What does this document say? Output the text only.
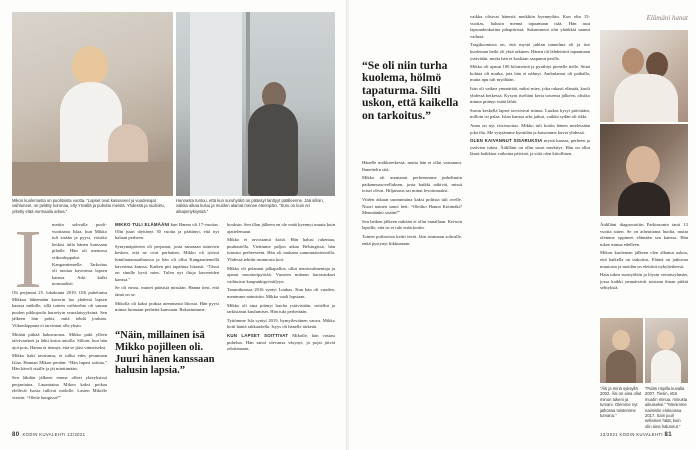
Mikon kuolemasta on puolitoista vuotta. “Lapset ovat kasvaneet ja vuodenajat vaihtuneet, on pelätty koronaa, elty Ysvällä ja puhuttu meistä. Yhdessä ja rauhoitu, yritetty elää normaalia arkea.”
Hannasta tuntuu, että kun suruhyökö on päässyt lanttyyt päälleenne. Jää silloin, vaikka aikaa kuluu ja muiden alamat menee eteenpäin. “Suru on kuin eri aikaperiyksyssä.”
I	mettin sohvalla puoli-vuotiaana Islaa, kun Mikko tuli sisään ja pyysi, voisiko hetkisi tulla hänen kanssaan pihalle. Hän oli menossa viikonloppuksi Kangasniemelle. Tarkoitus oli noutaa kaverinsa lapsen kanssa. Arki kulki normaalisti.

Oli perjantai 25. lokakuuta 2019. Olli puhelunsa Mikkoa lähtemään kaverin luo yhdessä lapsen kanssa mökille, sillä toinen vaihtoehto oli saman puolen pikkujoulu haraviyin seuralaisyyksinä. Sen jälkeen hän pohti, mitä tehdä jouluna. Viikonloppuna ei tarvinnut olla yksin.

Mitään pitkää hakuvuorua. Mikko puki ylleen talvivaatteet ja lähti kotoa autolla. Silloin, kun hän ajoi pois, Hanna ei tiennyt, että se jäisi viimeiseksi.

Mikko haki tavaransa, ei tullut edes pesumaan Islaa. Hannan Mikon perään: “Hän lupasi soittaa.” Hän käveli sisälle ja jäi miettimään.

Sen lähdön jälkeen emme olleet yhteyksissä perjantaina. Lauantaina Mikon kaksi poikaa elellivät Isosta tullivat mökille. Lasten Mikolle viestin: “Olette hengissä?”

MIKKO TULI ELÄMÄÄNI kun Hanna oli 17-vuotias. Olin juuri täyttänyt 30 vuotta ja päätänyt, että nyt haluan perheen.

Syntymäpäivien oli perjantai, josta sanotaan tuttavien kesken, että ne ovat parhaiten. Mikko oli työssä lumilautamaailmassa ja hän oli ollut Kangasniemellä kaverinsa kanssa. Kaiken piti tapahtua hitaasti. “Tässä on sinulle hyvä mies. Tulen nyt iltoja kavereiden kanssa.”

Se oli vinssi, muttei pääsisiä missään. Hanna tiesi, että tämä on se.

Mikolla oli kaksi poikaa aiemmasta liitosta. Hän pyysi minua luomaan perhettä kanssaan. Rakastuimme.

“Näin, millainen isä Mikko pojilleen oli. Juuri hänen kanssaan halusin lapsia.”

booksin. Sen illan jälkeen en ole enää kyennyt muuta kuin ajattelemaan.

Mikko ei arvostanut kotiä. Hän halusi rakentaa, puuhastella. Vietimme paljon aikaa Helsingissä, hän tutustui perheeseeni. Hän oli mukana sunnuntaiaterioilla. Yhdessä tehtiin asunnosta koti.

Mikko oli pelannut jalkapalloa, ollut tennisvalmentaja ja ajanut moottoripyörää. Vuosien mittaan harrastukset vaihtuivat kaupunkipyöräilyyn.

Tammikuussa 2016 syntyi Luukas. Kun hän oli vuoden, menimme naimisiin. Mikko vaali lapsiaan.

Mikko oli aina pitänyt huolta ystävistään, soitellut ja tarkistanut kuulumiset. Hän tuki perhettään.

Tyttömme Isla syntyi 2019, hymyileväinen vauva. Mikko hoiti häntä rakkaudella. Isyys oli hänelle tärkeää.

KUN LAPSET SOITTIVAT Mikolle, hän vastasi puhelun. Hän sanoi olevansa väsynyt, ja pojat jäivät odottamaan.

80 KODIN KUVALEHTI 13/2021
“Se oli niin turha kuolema, hölmö tapaturma. Silti uskon, että kaikella on tarkoitus.”

Hänelle mökkiretkessä, mutta hän ei ollut vastannut. Ihmettelin sitä.

Mikko oli asentanut perheenmme puhelimiin paikannussovelluksen, josta kaikki näkivät, missä toiset olivat. Hiljaisuus sai minut levottomaksi.

Viiden aikaan sunnuntaina kaksi poliisia tuli ovelle. Nuori nainen sanoi heti: “Olettko Hanna Kotimäki? Mennäänkö sisään?”

Sen hetken jälkeen mikään ei ollut ennallaan. Kerroin lapsille, että isi ei tule enää kotiin.

Toinen poliiseista keitti teetä. Jäin istumaan sohvalle, enkä pystynyt liikkumaan.

vaikka olisivat hänestä meikkiin kyennytkin. Kun olin 15-vuotias, halusin mennä tapaamaan isää. Hän asui lapsuudenkotina pihapiirissä. Sukunimeni olin yhtäkkiä saanut vaihtaa.

Tragikoomista on, että mystä juhlan tunnelma oli ja itse kuoleman hetki oli yhtä arkinen. Hänen oli lähdettävä tapaamaan ystäviään, mutta hän ei koskaan saapunut perille.

Mikko oli ajanut 100 kilometriä ja pysähtyi pienelle tielle. Siinä kohtaa oli mutka, jota hän ei nähnyt. Ambulanssi oli paikalla, mutta apu tuli myöhään.

Isän oli vaikea ymmärtää, miksi mies, joka rakasti elämää, kuoli yhdessä hetkessä. Kysyin itseltäni kerta toisensa jälkeen, olisiko minun pitänyt estää lähtö.

Surun keskellä lapset tarvitsivat minua. Luukas kysyi päivittäin, milloin isi palaa. Islan kanssa arki jatkui, vaikka sydän oli rikki.

Anna on nyt viisivuotias. Mikko tuli kotiin hänen mielessään joka ilta. Me sytytämme kynttilän ja katsomme kuvia yhdessä.

OLEN KAIVANNUT SISARUKSIA mystä kanssa, perheen ja ystävien tukea. Äidilläni on ollut suuri merkitys. Hän on ollut läsnä kaikkina vaikeina päivinä, ja siitä olen kiitollinen.

Elämäni hanat

Äidilläni diagnosoitiin Parkinsonin tauti 12 vuotta sitten. Se on aiheuttanut huolta, mutta olemme oppineet elämään sen kanssa. Hän tukee minua edelleen.

Mikon kuoleman jälkeen olen alkanut uskoa, että kaikella on tarkoitus. Elämä on jatkuvaa muutosta ja meidän on elettävä nykyhetkessä.

Hain tukea surutyöhön ja löysin vertaisryhmän, jossa kaikki ymmärsivät toisiaan ilman pitkiä selityksiä.

“Äiti ja minä syksyllä 2002. Äiti on aina ollut minun tukeni ja turvani. Olemme nyt jatkossa toistemme turvana.”
“Pidän rispilla kuvalla 2007. Tiesin, että muutin minua, minusta aikuiseksi.” “Menimme naimisiin elokuussa 2017. Sain juuri sellaisen häät, kuin olin aina halunnut.”
13/2021 KODIN KUVALEHTI 81
